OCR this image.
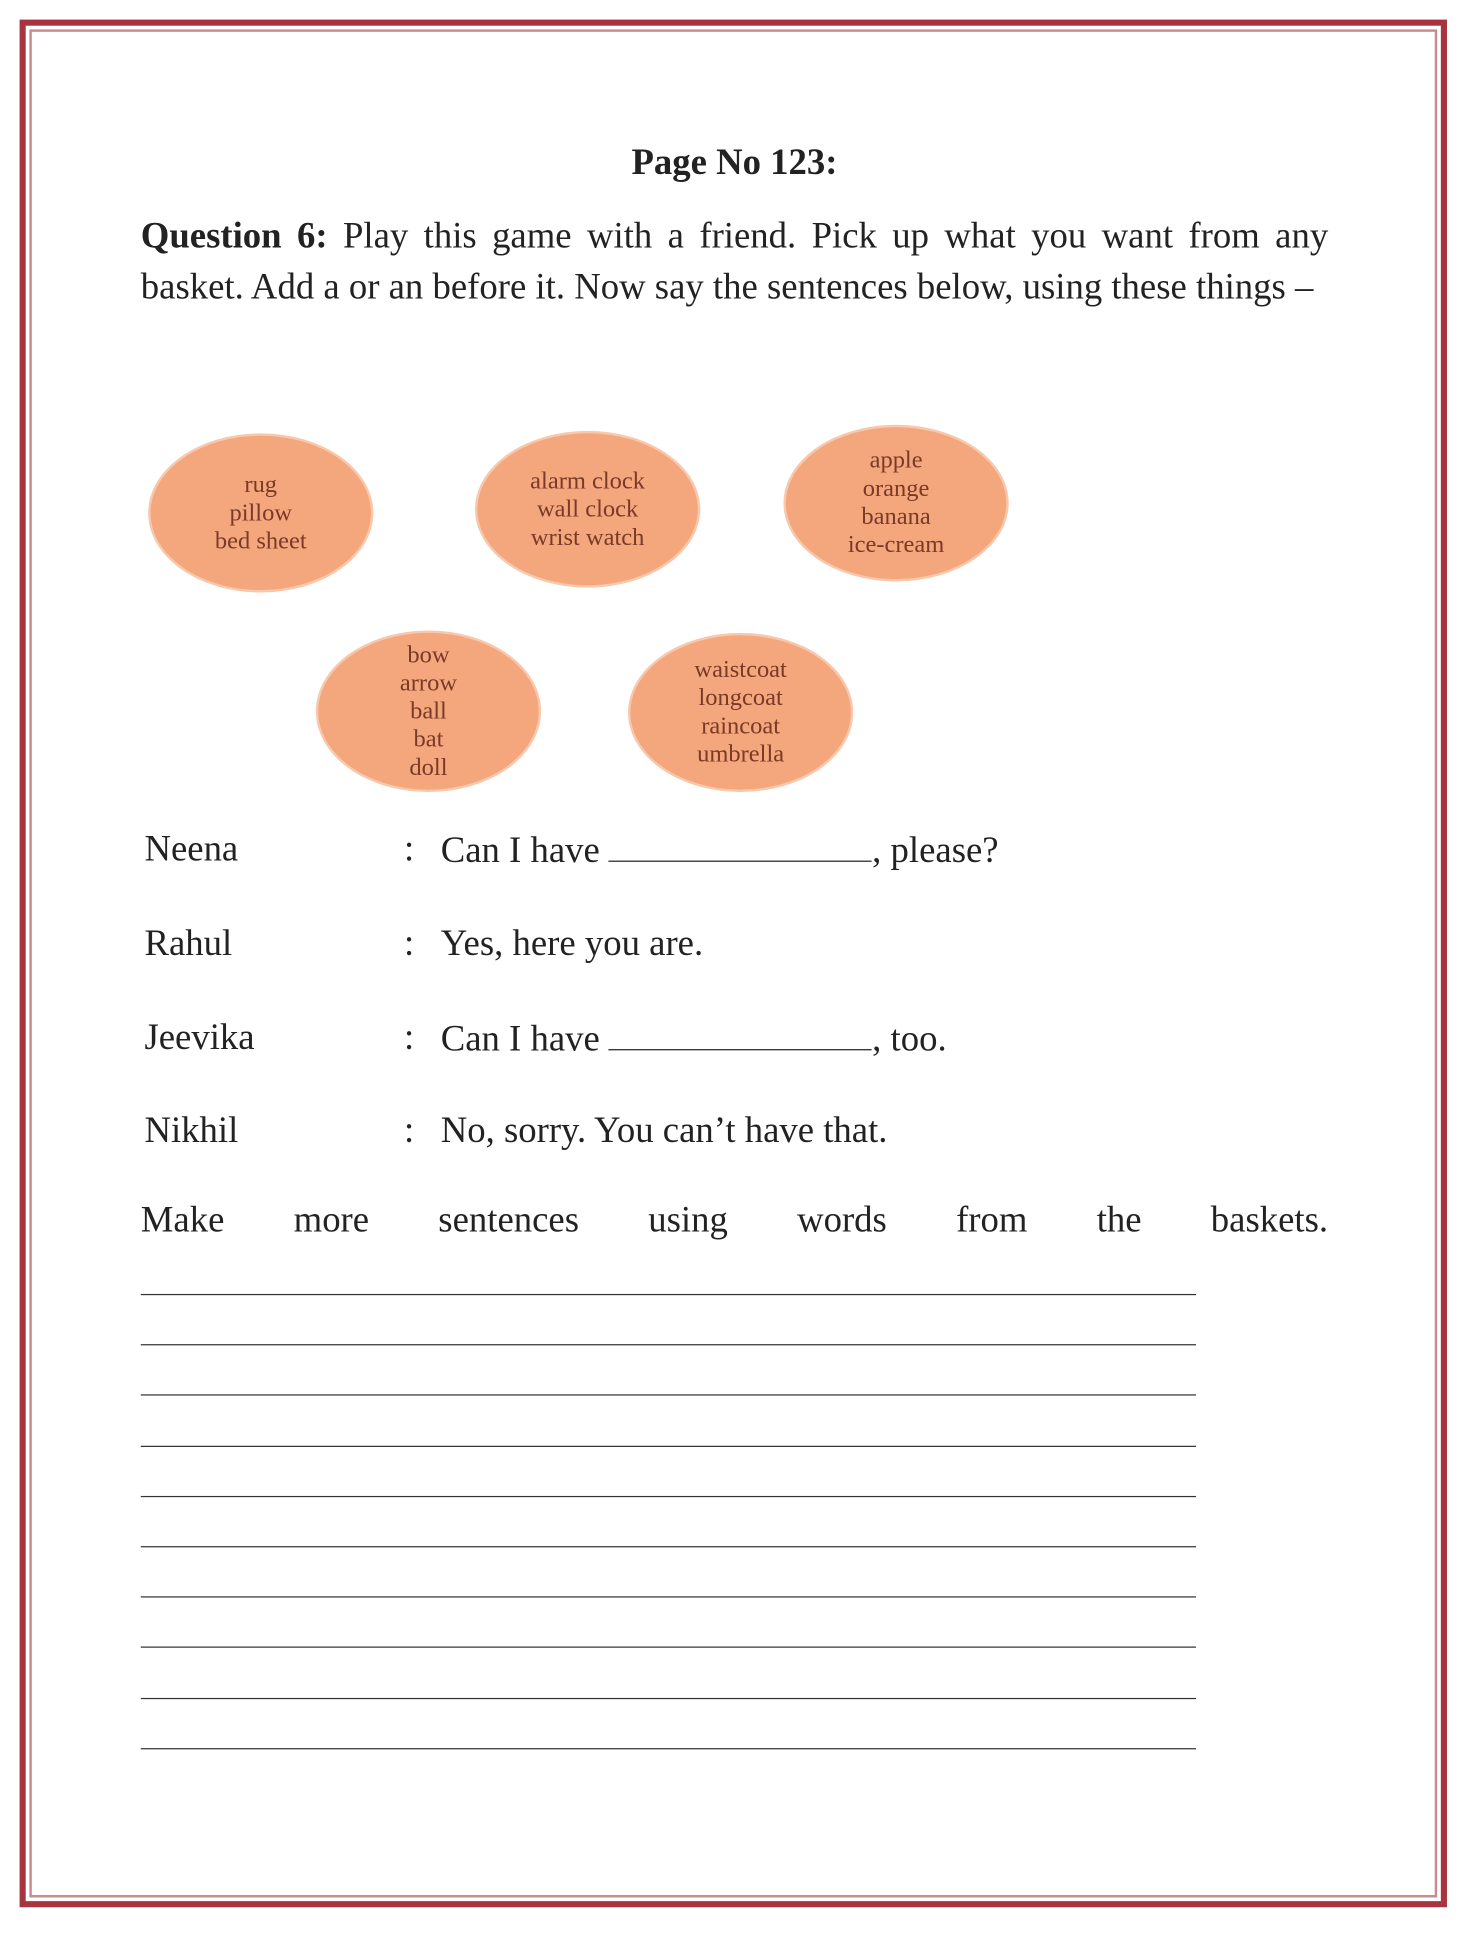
Page No 123:
Question 6: Play this game with a friend. Pick up what you want from any basket. Add a or an before it. Now say the sentences below, using these things –
rug
pillow
bed sheet
alarm clock
wall clock
wrist watch
apple
orange
banana
ice-cream
bow
arrow
ball
bat
doll
waistcoat
longcoat
raincoat
umbrella
Neena	: Can I have	, please?
Rahul	: Yes, here you are.
Jeevika	: Can I have	, too.
Nikhil	: No, sorry. You can’t have that.
Make more sentences using words from the baskets.
